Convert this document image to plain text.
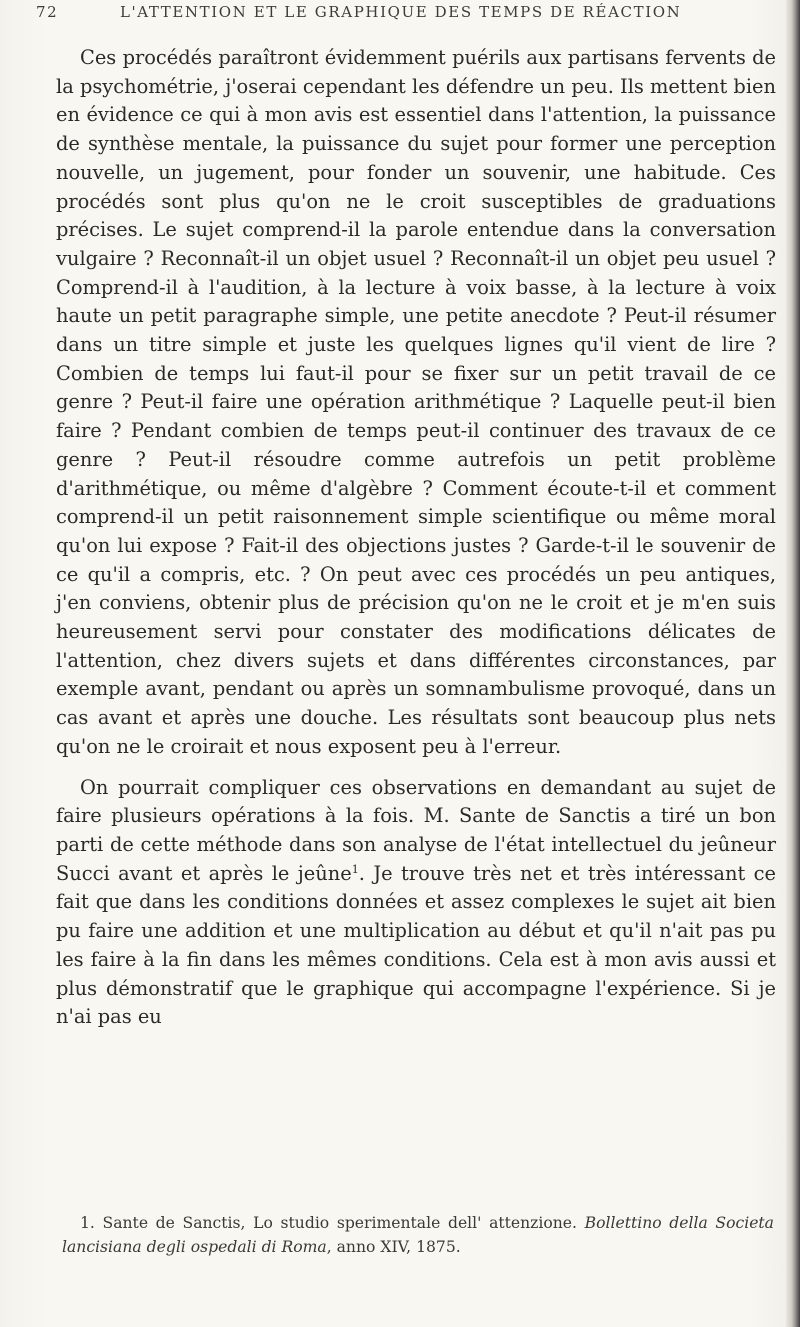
72	L'ATTENTION ET LE GRAPHIQUE DES TEMPS DE RÉACTION

Ces procédés paraîtront évidemment puérils aux partisans fervents de la psychométrie, j'oserai cependant les défendre un peu. Ils mettent bien en évidence ce qui à mon avis est essentiel dans l'attention, la puissance de synthèse mentale, la puissance du sujet pour former une perception nouvelle, un jugement, pour fonder un souvenir, une habitude. Ces procédés sont plus qu'on ne le croit susceptibles de graduations précises. Le sujet comprend-il la parole entendue dans la conversation vulgaire ? Reconnaît-il un objet usuel ? Reconnaît-il un objet peu usuel ? Comprend-il à l'audition, à la lecture à voix basse, à la lecture à voix haute un petit paragraphe simple, une petite anecdote ? Peut-il résumer dans un titre simple et juste les quelques lignes qu'il vient de lire ? Combien de temps lui faut-il pour se fixer sur un petit travail de ce genre ? Peut-il faire une opération arithmétique ? Laquelle peut-il bien faire ? Pendant combien de temps peut-il continuer des travaux de ce genre ? Peut-il résoudre comme autrefois un petit problème d'arithmétique, ou même d'algèbre ? Comment écoute-t-il et comment comprend-il un petit raisonnement simple scientifique ou même moral qu'on lui expose ? Fait-il des objections justes ? Garde-t-il le souvenir de ce qu'il a compris, etc. ? On peut avec ces procédés un peu antiques, j'en conviens, obtenir plus de précision qu'on ne le croit et je m'en suis heureusement servi pour constater des modifications délicates de l'attention, chez divers sujets et dans différentes circonstances, par exemple avant, pendant ou après un somnambulisme provoqué, dans un cas avant et après une douche. Les résultats sont beaucoup plus nets qu'on ne le croirait et nous exposent peu à l'erreur.

On pourrait compliquer ces observations en demandant au sujet de faire plusieurs opérations à la fois. M. Sante de Sanctis a tiré un bon parti de cette méthode dans son analyse de l'état intellectuel du jeûneur Succi avant et après le jeûne$^1$. Je trouve très net et très intéressant ce fait que dans les conditions données et assez complexes le sujet ait bien pu faire une addition et une multiplication au début et qu'il n'ait pas pu les faire à la fin dans les mêmes conditions. Cela est à mon avis aussi et plus démonstratif que le graphique qui accompagne l'expérience. Si je n'ai pas eu

1. Sante de Sanctis, Lo studio sperimentale dell' attenzione. Bollettino della Societa lancisiana degli ospedali di Roma, anno XIV, 1875.
